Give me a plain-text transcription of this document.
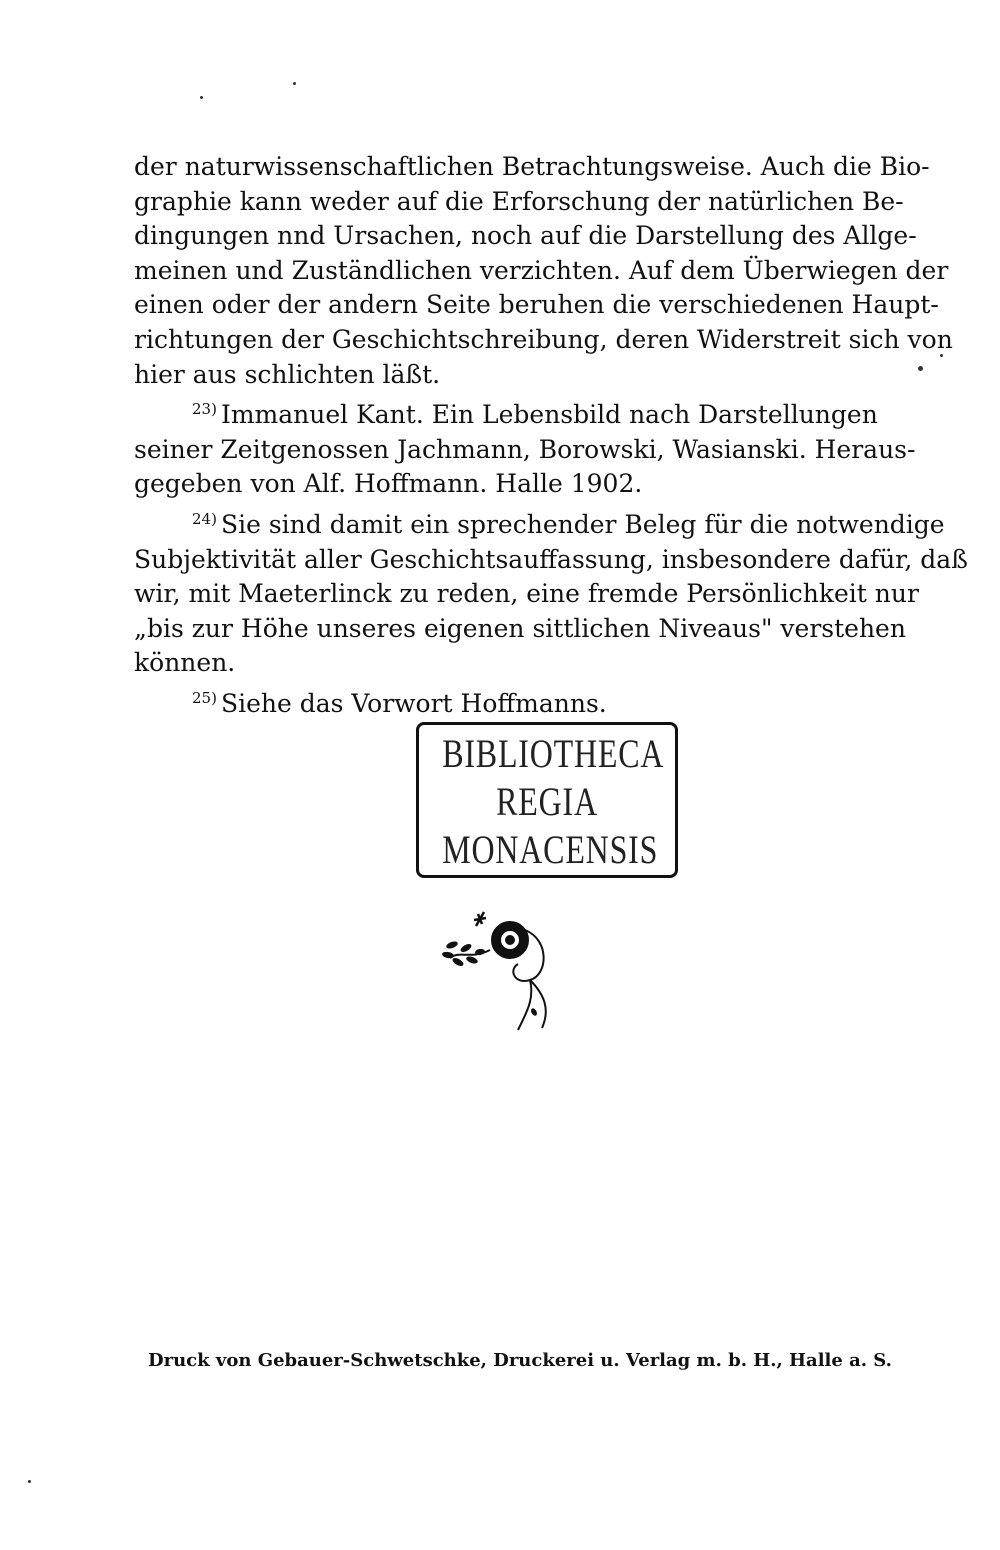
der naturwissenschaftlichen Betrachtungsweise. Auch die Bio-
graphie kann weder auf die Erforschung der natürlichen Be-
dingungen nnd Ursachen, noch auf die Darstellung des Allge-
meinen und Zuständlichen verzichten. Auf dem Überwiegen der
einen oder der andern Seite beruhen die verschiedenen Haupt-
richtungen der Geschichtschreibung, deren Widerstreit sich von
hier aus schlichten läßt.

$^{23)}$ Immanuel Kant. Ein Lebensbild nach Darstellungen
seiner Zeitgenossen Jachmann, Borowski, Wasianski. Heraus-
gegeben von Alf. Hoffmann. Halle 1902.

$^{24)}$ Sie sind damit ein sprechender Beleg für die notwendige
Subjektivität aller Geschichtsauffassung, insbesondere dafür, daß
wir, mit Maeterlinck zu reden, eine fremde Persönlichkeit nur
„bis zur Höhe unseres eigenen sittlichen Niveaus" verstehen
können.

$^{25)}$ Siehe das Vorwort Hoffmanns.

BIBLIOTHECA
REGIA
MONACENSIS
Druck von Gebauer-Schwetschke, Druckerei u. Verlag m. b. H., Halle a. S.
